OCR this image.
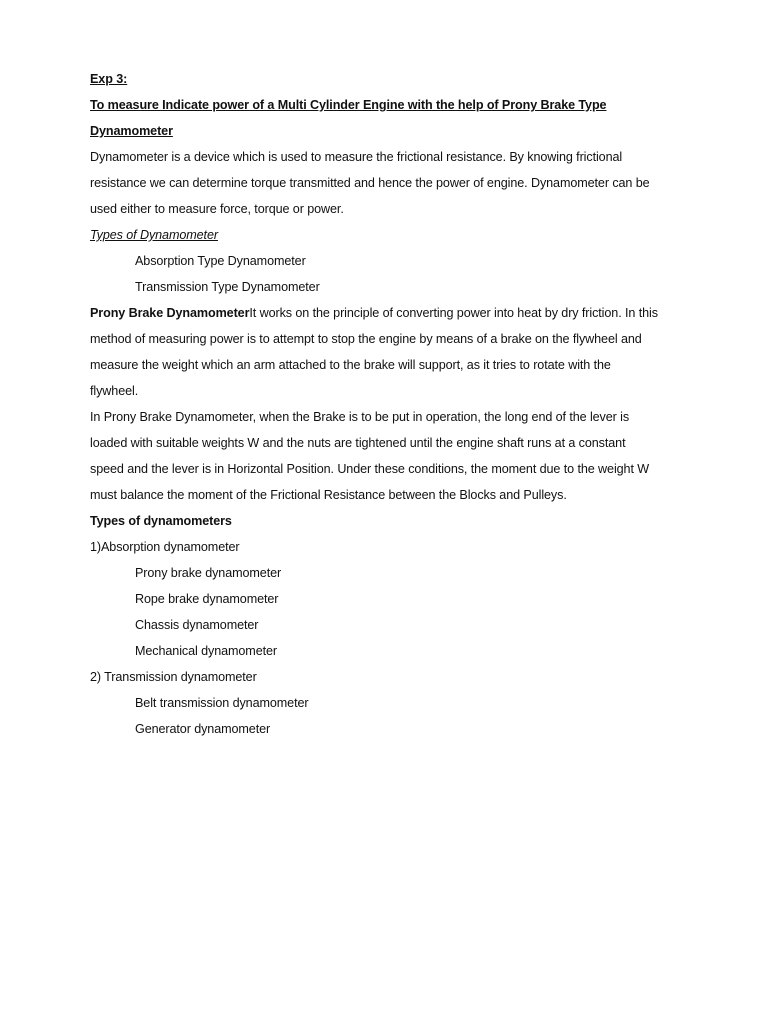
Exp 3:
To measure Indicate power of a Multi Cylinder Engine with the help of Prony Brake Type
Dynamometer
Dynamometer is a device which is used to measure the frictional resistance. By knowing frictional
resistance we can determine torque transmitted and hence the power of engine. Dynamometer can be
used either to measure force, torque or power.
Types of Dynamometer
Absorption Type Dynamometer
Transmission Type Dynamometer
Prony Brake DynamometerIt works on the principle of converting power into heat by dry friction. In this
method of measuring power is to attempt to stop the engine by means of a brake on the flywheel and
measure the weight which an arm attached to the brake will support, as it tries to rotate with the
flywheel.
In Prony Brake Dynamometer, when the Brake is to be put in operation, the long end of the lever is
loaded with suitable weights W and the nuts are tightened until the engine shaft runs at a constant
speed and the lever is in Horizontal Position. Under these conditions, the moment due to the weight W
must balance the moment of the Frictional Resistance between the Blocks and Pulleys.
Types of dynamometers
1)Absorption dynamometer
Prony brake dynamometer
Rope brake dynamometer
Chassis dynamometer
Mechanical dynamometer
2) Transmission dynamometer
Belt transmission dynamometer
Generator dynamometer
